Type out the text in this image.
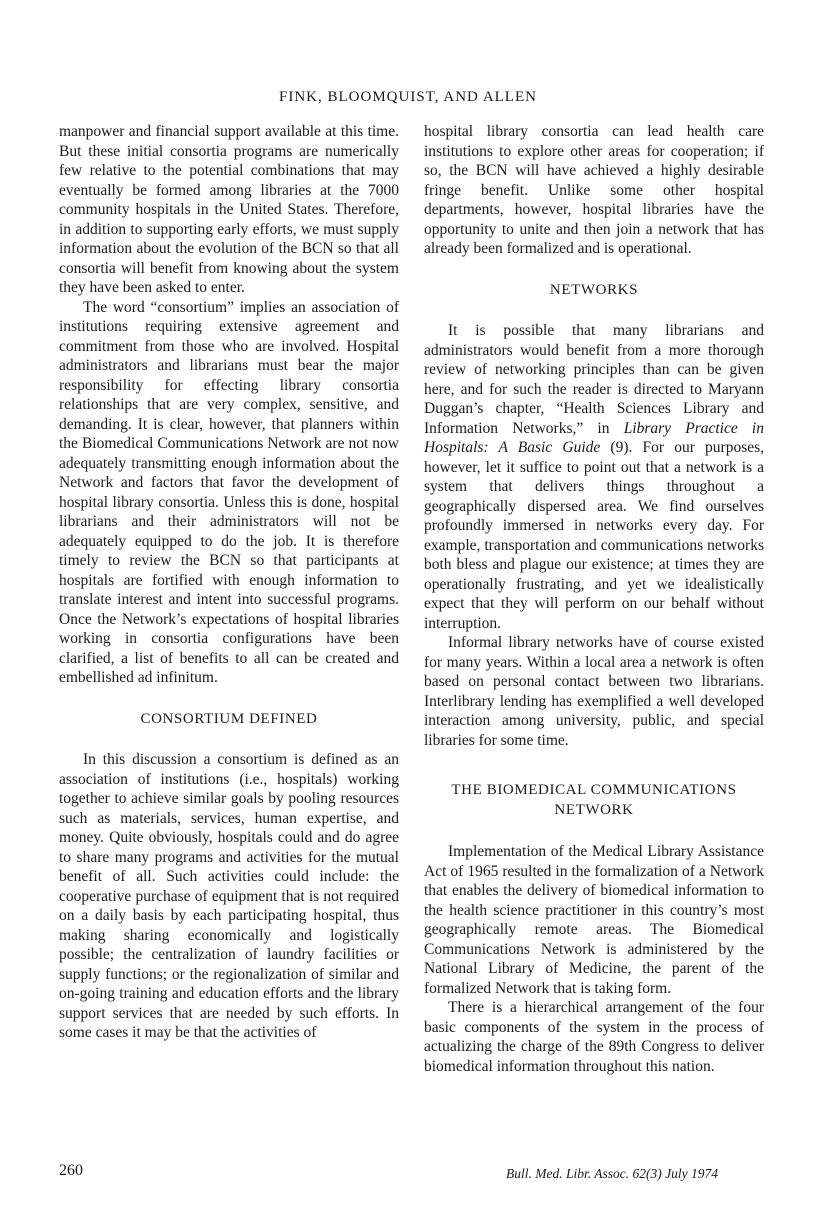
FINK, BLOOMQUIST, AND ALLEN

manpower and financial support available at this time. But these initial consortia programs are numerically few relative to the potential combinations that may eventually be formed among libraries at the 7000 community hospitals in the United States. Therefore, in addition to supporting early efforts, we must supply information about the evolution of the BCN so that all consortia will benefit from knowing about the system they have been asked to enter.

The word “consortium” implies an association of institutions requiring extensive agreement and commitment from those who are involved. Hospital administrators and librarians must bear the major responsibility for effecting library consortia relationships that are very complex, sensitive, and demanding. It is clear, however, that planners within the Biomedical Communications Network are not now adequately transmitting enough information about the Network and factors that favor the development of hospital library consortia. Unless this is done, hospital librarians and their administrators will not be adequately equipped to do the job. It is therefore timely to review the BCN so that participants at hospitals are fortified with enough information to translate interest and intent into successful programs. Once the Network’s expectations of hospital libraries working in consortia configurations have been clarified, a list of benefits to all can be created and embellished ad infinitum.

CONSORTIUM DEFINED

In this discussion a consortium is defined as an association of institutions (i.e., hospitals) working together to achieve similar goals by pooling resources such as materials, services, human expertise, and money. Quite obviously, hospitals could and do agree to share many programs and activities for the mutual benefit of all. Such activities could include: the cooperative purchase of equipment that is not required on a daily basis by each participating hospital, thus making sharing economically and logistically possible; the centralization of laundry facilities or supply functions; or the regionalization of similar and on-going training and education efforts and the library support services that are needed by such efforts. In some cases it may be that the activities of

hospital library consortia can lead health care institutions to explore other areas for cooperation; if so, the BCN will have achieved a highly desirable fringe benefit. Unlike some other hospital departments, however, hospital libraries have the opportunity to unite and then join a network that has already been formalized and is operational.

NETWORKS

It is possible that many librarians and administrators would benefit from a more thorough review of networking principles than can be given here, and for such the reader is directed to Maryann Duggan’s chapter, “Health Sciences Library and Information Networks,” in Library Practice in Hospitals: A Basic Guide (9). For our purposes, however, let it suffice to point out that a network is a system that delivers things throughout a geographically dispersed area. We find ourselves profoundly immersed in networks every day. For example, transportation and communications networks both bless and plague our existence; at times they are operationally frustrating, and yet we idealistically expect that they will perform on our behalf without interruption.

Informal library networks have of course existed for many years. Within a local area a network is often based on personal contact between two librarians. Interlibrary lending has exemplified a well developed interaction among university, public, and special libraries for some time.

THE BIOMEDICAL COMMUNICATIONS
NETWORK

Implementation of the Medical Library Assistance Act of 1965 resulted in the formalization of a Network that enables the delivery of biomedical information to the health science practitioner in this country’s most geographically remote areas. The Biomedical Communications Network is administered by the National Library of Medicine, the parent of the formalized Network that is taking form.

There is a hierarchical arrangement of the four basic components of the system in the process of actualizing the charge of the 89th Congress to deliver biomedical information throughout this nation.

260	Bull. Med. Libr. Assoc. 62(3) July 1974
